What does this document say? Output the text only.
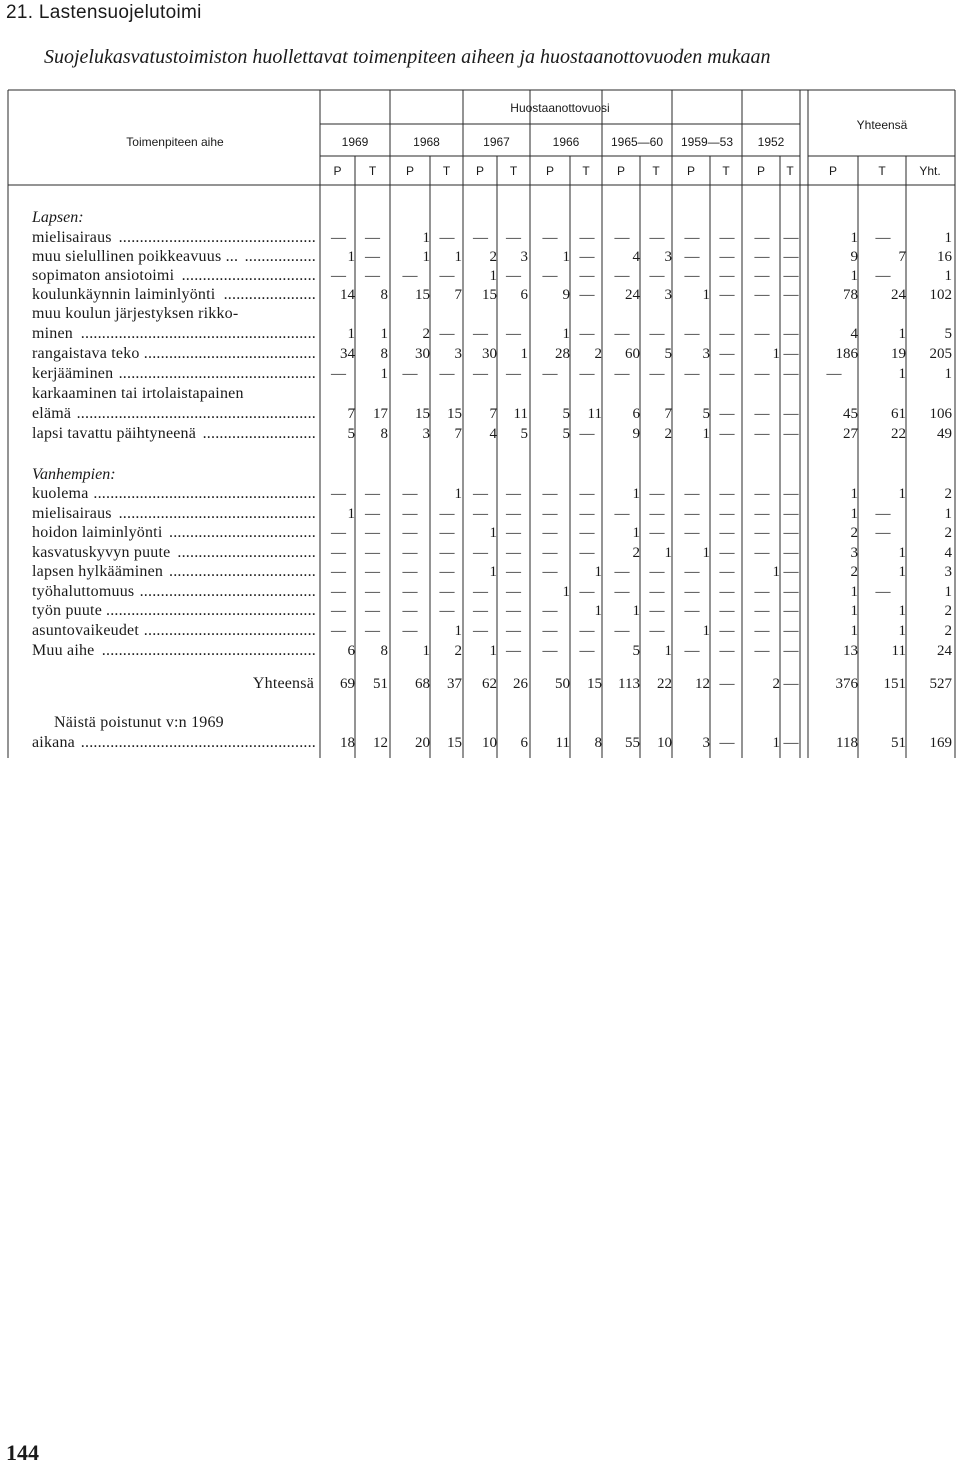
21. Lastensuojelutoimi
Suojelukasvatustoimiston huollettavat toimenpiteen aiheen ja huostaanottovuoden mukaan
Toimenpiteen aihe
Huostaanottovuosi
Yhteensä
1969	1968	1967	1966	1965—60 1959—53 1952
P T P T P T P T P T P T P T	P	T	Yht.
Lapsen:
mielisairaus ............................................... — —	1 — — — — — — — — — — —	1 —	1
muu sielullinen poikkeavuus ... ................. 1 —	1 1 2 3 1 —	4 3 — — — —	9	7 16
sopimaton ansiotoimi ................................ — — — — 1 — — — — — — — — —	1 —	1
koulunkäynnin laiminlyönti ...................... 14 8 15 7 15 6 9 — 24 3 1 — — —	78 24 102
muu koulun järjestyksen rikko-
minen ........................................................ 1 1 2 — — —	1 — — — — — — —	4	1	5
rangaistava teko ......................................... 34 8 30 3 30 1 28 2 60 5 3 —	1 — 186 19 205
kerjääminen ............................................... — 1 — — — — — — — — — — — — —	1	1
karkaaminen tai irtolaistapainen
elämä ......................................................... 7 17 15 15 7 11 5 11 6 7 5 — — —	45 61 106
lapsi tavattu päihtyneenä ........................... 5 8 3 7 4 5 5 —	9 2 1 — — —	27 22 49
Vanhempien:
kuolema ..................................................... — — — 1 — — — —	1 — — — — —	1	1	2
mielisairaus ............................................... 1 — — — — — — — — — — — — —	1 —	1
hoidon laiminlyönti ................................... — — — — 1 — — —	1 — — — — —	2 —	2
kasvatuskyvyn puute ................................. — — — — — — — —	2 1 1 — — —	3	1	4
lapsen hylkääminen ................................... — — — — 1 — — 1 — — — —	1 —	2	1	3
työhaluttomuus .......................................... — — — — — —	1 — — — — — — —	1 —	1
työn puute .................................................. — — — — — — — 1 1 — — — — —	1	1	2
asuntovaikeudet ......................................... — — — 1 — — — — — —	1 — — —	1	1	2
Muu aihe ................................................... 6 8 1 2 1 — — —	5 1 — — — —	13 11 24
Yhteensä 69 51 68 37 62 26 50 15 113 22 12 —	2 — 376 151 527
Näistä poistunut v:n 1969
aikana ........................................................ 18 12 20 15 10 6 11 8 55 10 3 —	1 —	118 51 169
144
